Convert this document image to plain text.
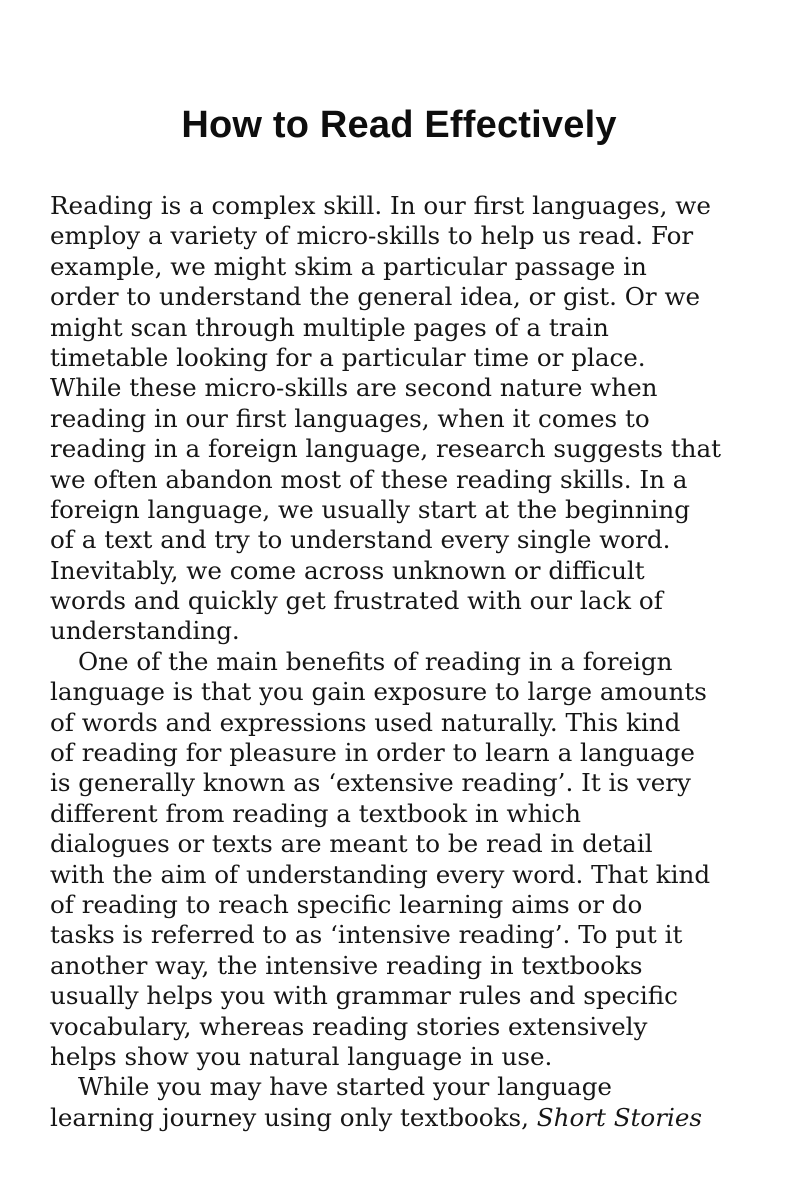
How to Read Effectively
Reading is a complex skill. In our first languages, we
employ a variety of micro-skills to help us read. For
example, we might skim a particular passage in
order to understand the general idea, or gist. Or we
might scan through multiple pages of a train
timetable looking for a particular time or place.
While these micro-skills are second nature when
reading in our first languages, when it comes to
reading in a foreign language, research suggests that
we often abandon most of these reading skills. In a
foreign language, we usually start at the beginning
of a text and try to understand every single word.
Inevitably, we come across unknown or difficult
words and quickly get frustrated with our lack of
understanding.
One of the main benefits of reading in a foreign
language is that you gain exposure to large amounts
of words and expressions used naturally. This kind
of reading for pleasure in order to learn a language
is generally known as ‘extensive reading’. It is very
different from reading a textbook in which
dialogues or texts are meant to be read in detail
with the aim of understanding every word. That kind
of reading to reach specific learning aims or do
tasks is referred to as ‘intensive reading’. To put it
another way, the intensive reading in textbooks
usually helps you with grammar rules and specific
vocabulary, whereas reading stories extensively
helps show you natural language in use.
While you may have started your language
learning journey using only textbooks, Short Stories
